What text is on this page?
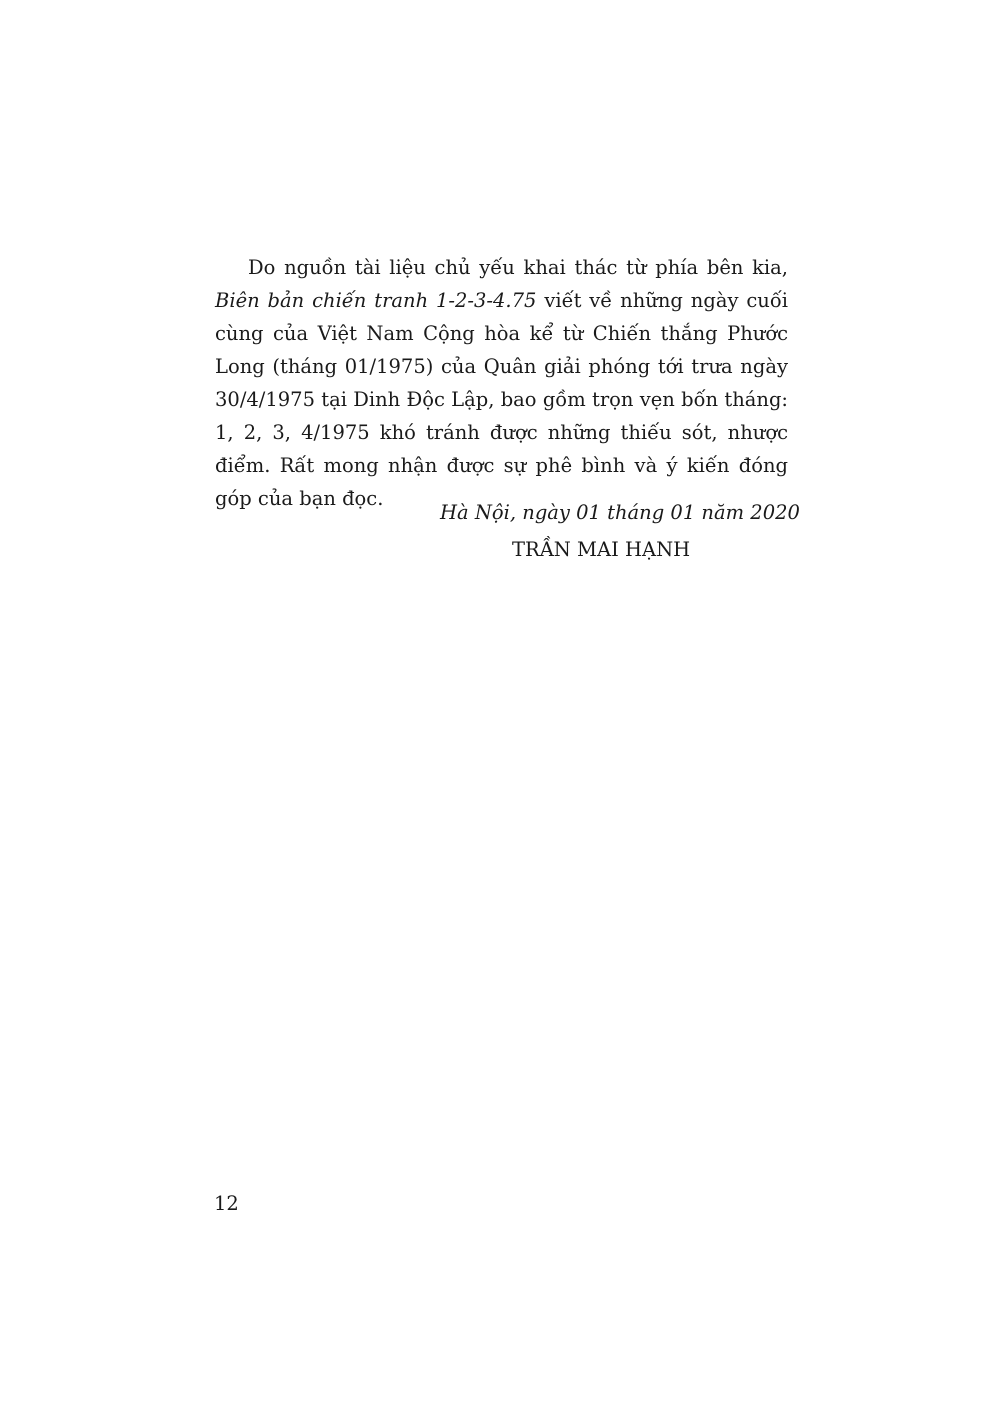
Do nguồn tài liệu chủ yếu khai thác từ phía bên kia, Biên bản chiến tranh 1-2-3-4.75 viết về những ngày cuối cùng của Việt Nam Cộng hòa kể từ Chiến thắng Phước Long (tháng 01/1975) của Quân giải phóng tới trưa ngày 30/4/1975 tại Dinh Độc Lập, bao gồm trọn vẹn bốn tháng: 1, 2, 3, 4/1975 khó tránh được những thiếu sót, nhược điểm. Rất mong nhận được sự phê bình và ý kiến đóng góp của bạn đọc.

Hà Nội, ngày 01 tháng 01 năm 2020

TRẦN MAI HẠNH

12
